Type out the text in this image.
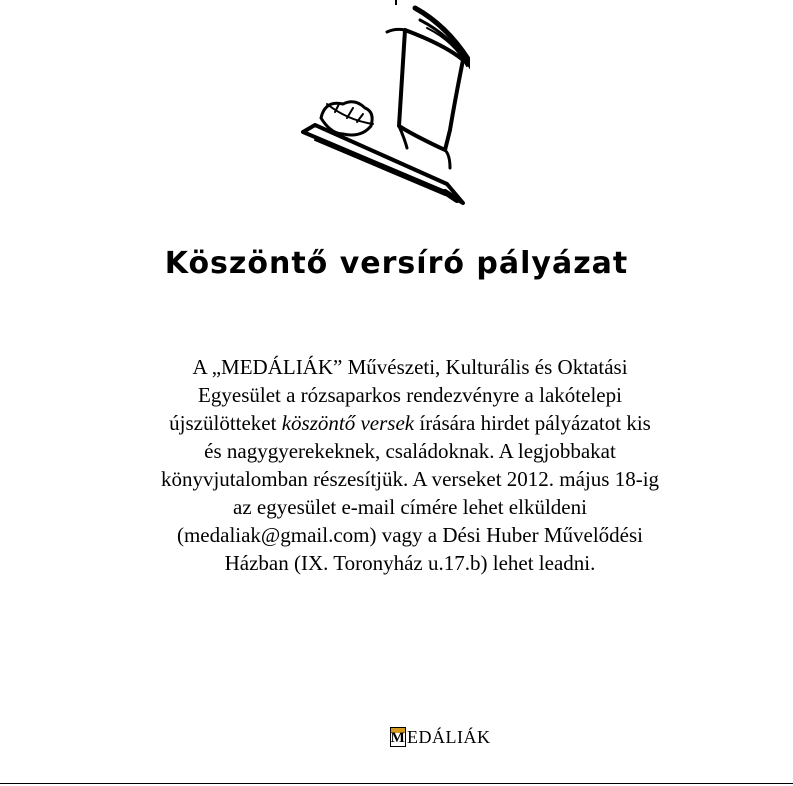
Köszöntő versíró pályázat

A „MEDÁLIÁK” Művészeti, Kulturális és Oktatási
Egyesület a rózsaparkos rendezvényre a lakótelepi
újszülötteket köszöntő versek írására hirdet pályázatot kis
és nagygyerekeknek, családoknak. A legjobbakat
könyvjutalomban részesítjük. A verseket 2012. május 18-ig
az egyesület e-mail címére lehet elküldeni
(medaliak@gmail.com) vagy a Dési Huber Művelődési
Házban (IX. Toronyház u.17.b) lehet leadni.

M EDÁLIÁK
